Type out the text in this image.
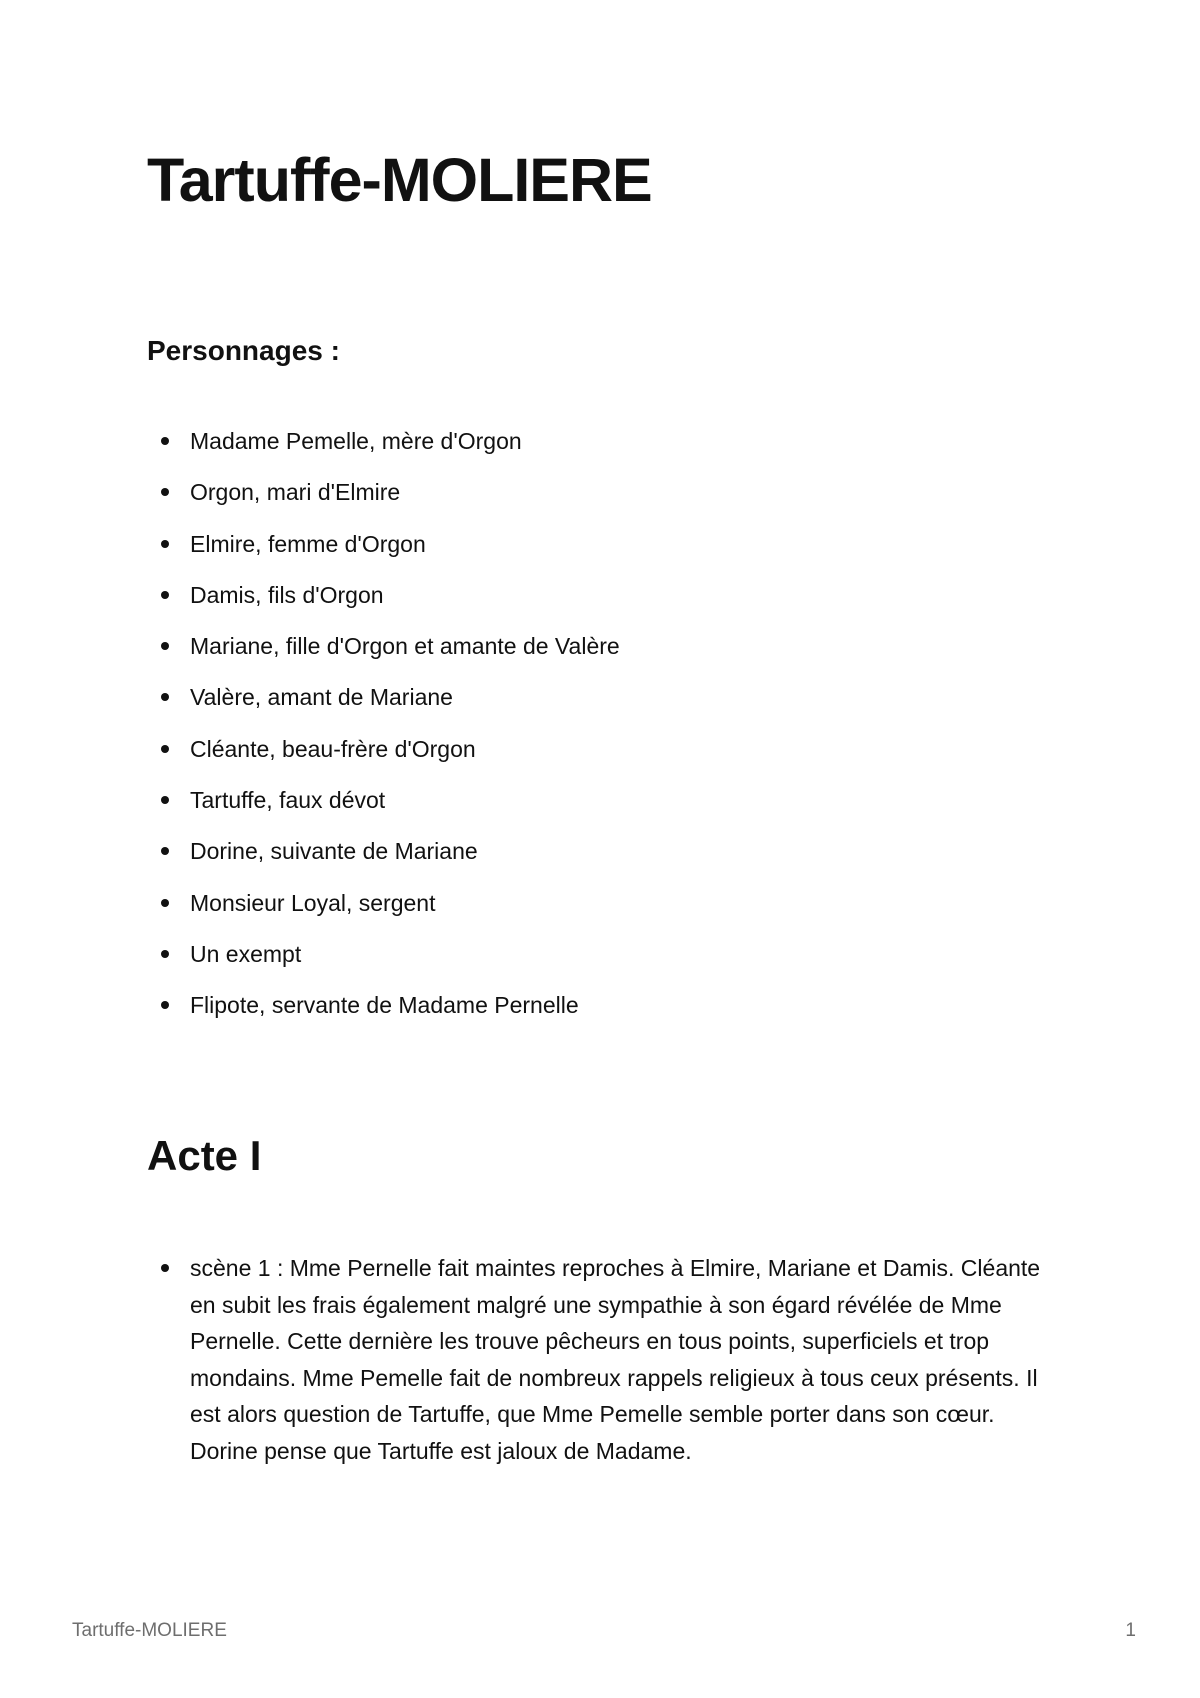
Tartuffe-MOLIERE
Personnages :
Madame Pemelle, mère d'Orgon
Orgon, mari d'Elmire
Elmire, femme d'Orgon
Damis, fils d'Orgon
Mariane, fille d'Orgon et amante de Valère
Valère, amant de Mariane
Cléante, beau-frère d'Orgon
Tartuffe, faux dévot
Dorine, suivante de Mariane
Monsieur Loyal, sergent
Un exempt
Flipote, servante de Madame Pernelle
Acte I
scène 1 : Mme Pernelle fait maintes reproches à Elmire, Mariane et Damis. Cléante en subit les frais également malgré une sympathie à son égard révélée de Mme Pernelle. Cette dernière les trouve pêcheurs en tous points, superficiels et trop mondains. Mme Pemelle fait de nombreux rappels religieux à tous ceux présents. Il est alors question de Tartuffe, que Mme Pemelle semble porter dans son cœur. Dorine pense que Tartuffe est jaloux de Madame.
Tartuffe-MOLIERE	1
